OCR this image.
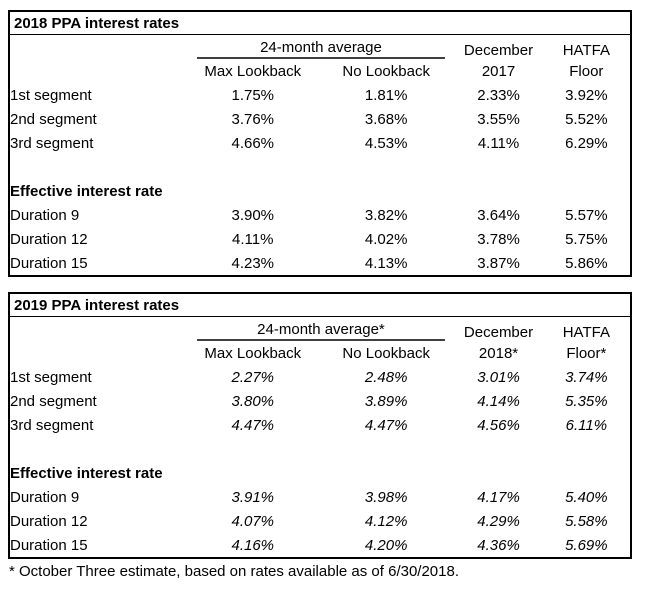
2018 PPA interest rates				

	24-month average		December	HATFA
	Max Lookback	No Lookback	2017	Floor
1st segment	1.75%	1.81%	2.33%	3.92%
2nd segment	3.76%	3.68%	3.55%	5.52%
3rd segment	4.66%	4.53%	4.11%	6.29%

Effective interest rate				
Duration 9	3.90%	3.82%	3.64%	5.57%
Duration 12	4.11%	4.02%	3.78%	5.75%
Duration 15	4.23%	4.13%	3.87%	5.86%
2019 PPA interest rates				

	24-month average*		December	HATFA
	Max Lookback	No Lookback	2018*	Floor*
1st segment	2.27%	2.48%	3.01%	3.74%
2nd segment	3.80%	3.89%	4.14%	5.35%
3rd segment	4.47%	4.47%	4.56%	6.11%

Effective interest rate				
Duration 9	3.91%	3.98%	4.17%	5.40%
Duration 12	4.07%	4.12%	4.29%	5.58%
Duration 15	4.16%	4.20%	4.36%	5.69%
* October Three estimate, based on rates available as of 6/30/2018.
